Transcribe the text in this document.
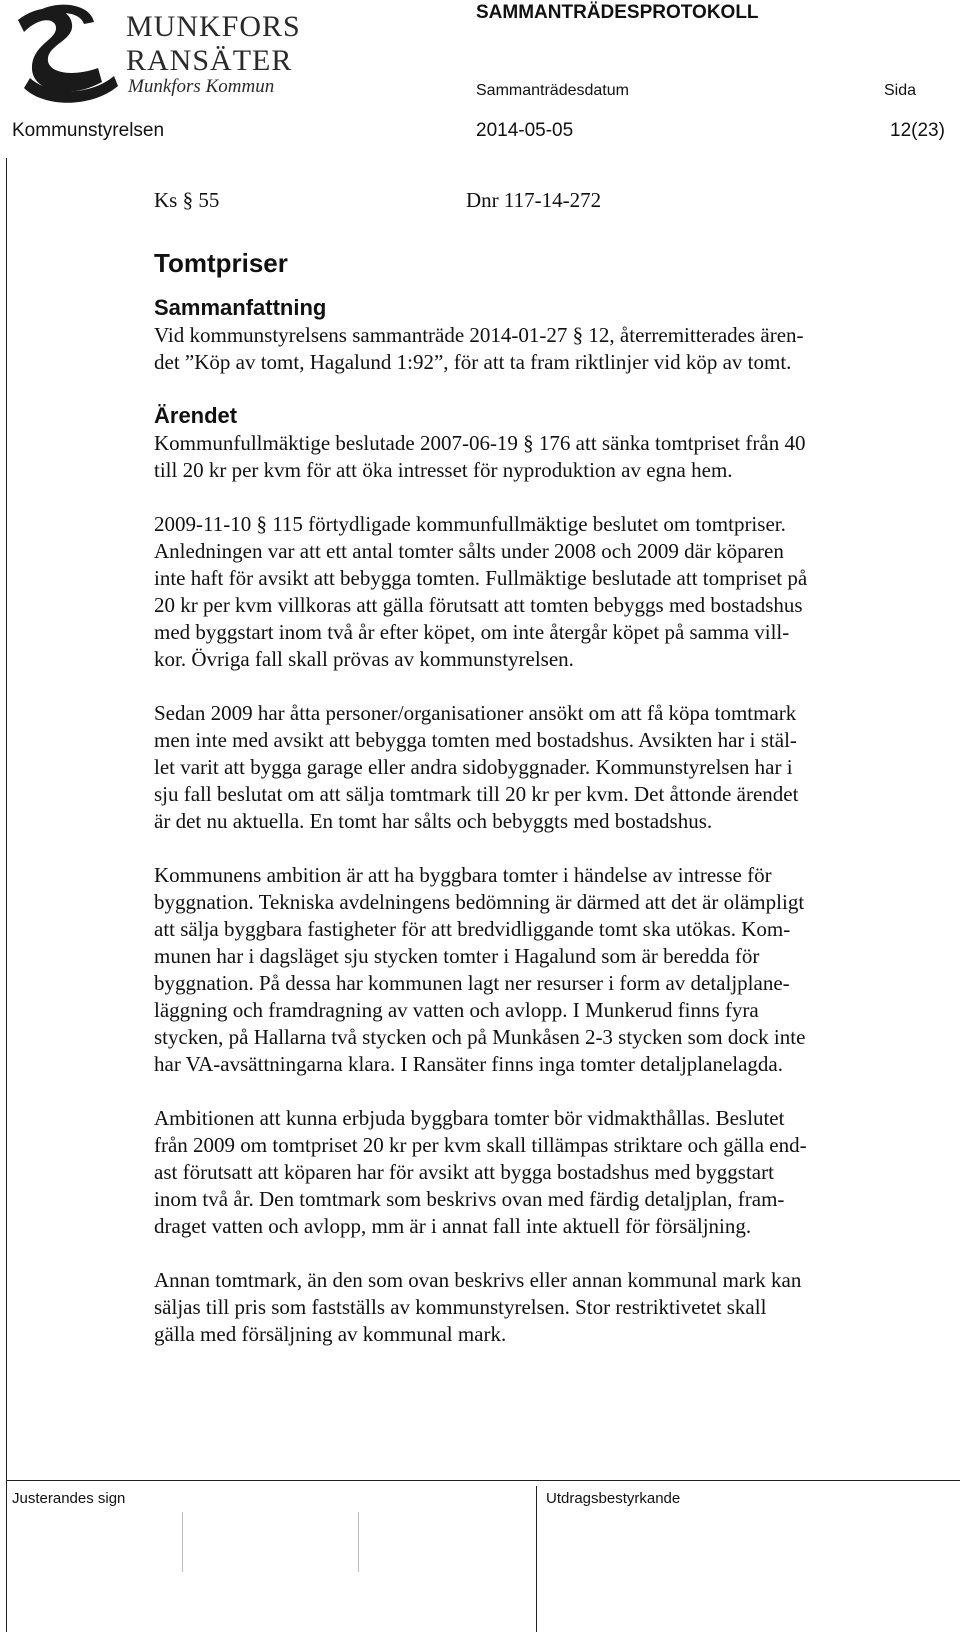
MUNKFORS
RANSÄTER
Munkfors Kommun
SAMMANTRÄDESPROTOKOLL
Sammanträdesdatum	Sida
Kommunstyrelsen	2014-05-05	12(23)
Ks § 55	Dnr 117-14-272
Tomtpriser
Sammanfattning

Vid kommunstyrelsens sammanträde 2014-01-27 § 12, återremitterades ären-
det ”Köp av tomt, Hagalund 1:92”, för att ta fram riktlinjer vid köp av tomt.

Ärendet

Kommunfullmäktige beslutade 2007-06-19 § 176 att sänka tomtpriset från 40
till 20 kr per kvm för att öka intresset för nyproduktion av egna hem.

2009-11-10 § 115 förtydligade kommunfullmäktige beslutet om tomtpriser.
Anledningen var att ett antal tomter sålts under 2008 och 2009 där köparen
inte haft för avsikt att bebygga tomten. Fullmäktige beslutade att tompriset på
20 kr per kvm villkoras att gälla förutsatt att tomten bebyggs med bostadshus
med byggstart inom två år efter köpet, om inte återgår köpet på samma vill-
kor. Övriga fall skall prövas av kommunstyrelsen.

Sedan 2009 har åtta personer/organisationer ansökt om att få köpa tomtmark
men inte med avsikt att bebygga tomten med bostadshus. Avsikten har i stäl-
let varit att bygga garage eller andra sidobyggnader. Kommunstyrelsen har i
sju fall beslutat om att sälja tomtmark till 20 kr per kvm. Det åttonde ärendet
är det nu aktuella. En tomt har sålts och bebyggts med bostadshus.

Kommunens ambition är att ha byggbara tomter i händelse av intresse för
byggnation. Tekniska avdelningens bedömning är därmed att det är olämpligt
att sälja byggbara fastigheter för att bredvidliggande tomt ska utökas. Kom-
munen har i dagsläget sju stycken tomter i Hagalund som är beredda för
byggnation. På dessa har kommunen lagt ner resurser i form av detaljplane-
läggning och framdragning av vatten och avlopp. I Munkerud finns fyra
stycken, på Hallarna två stycken och på Munkåsen 2-3 stycken som dock inte
har VA-avsättningarna klara. I Ransäter finns inga tomter detaljplanelagda.

Ambitionen att kunna erbjuda byggbara tomter bör vidmakthållas. Beslutet
från 2009 om tomtpriset 20 kr per kvm skall tillämpas striktare och gälla end-
ast förutsatt att köparen har för avsikt att bygga bostadshus med byggstart
inom två år. Den tomtmark som beskrivs ovan med färdig detaljplan, fram-
draget vatten och avlopp, mm är i annat fall inte aktuell för försäljning.

Annan tomtmark, än den som ovan beskrivs eller annan kommunal mark kan
säljas till pris som fastställs av kommunstyrelsen. Stor restriktivetet skall
gälla med försäljning av kommunal mark.

Justerandes sign	Utdragsbestyrkande
